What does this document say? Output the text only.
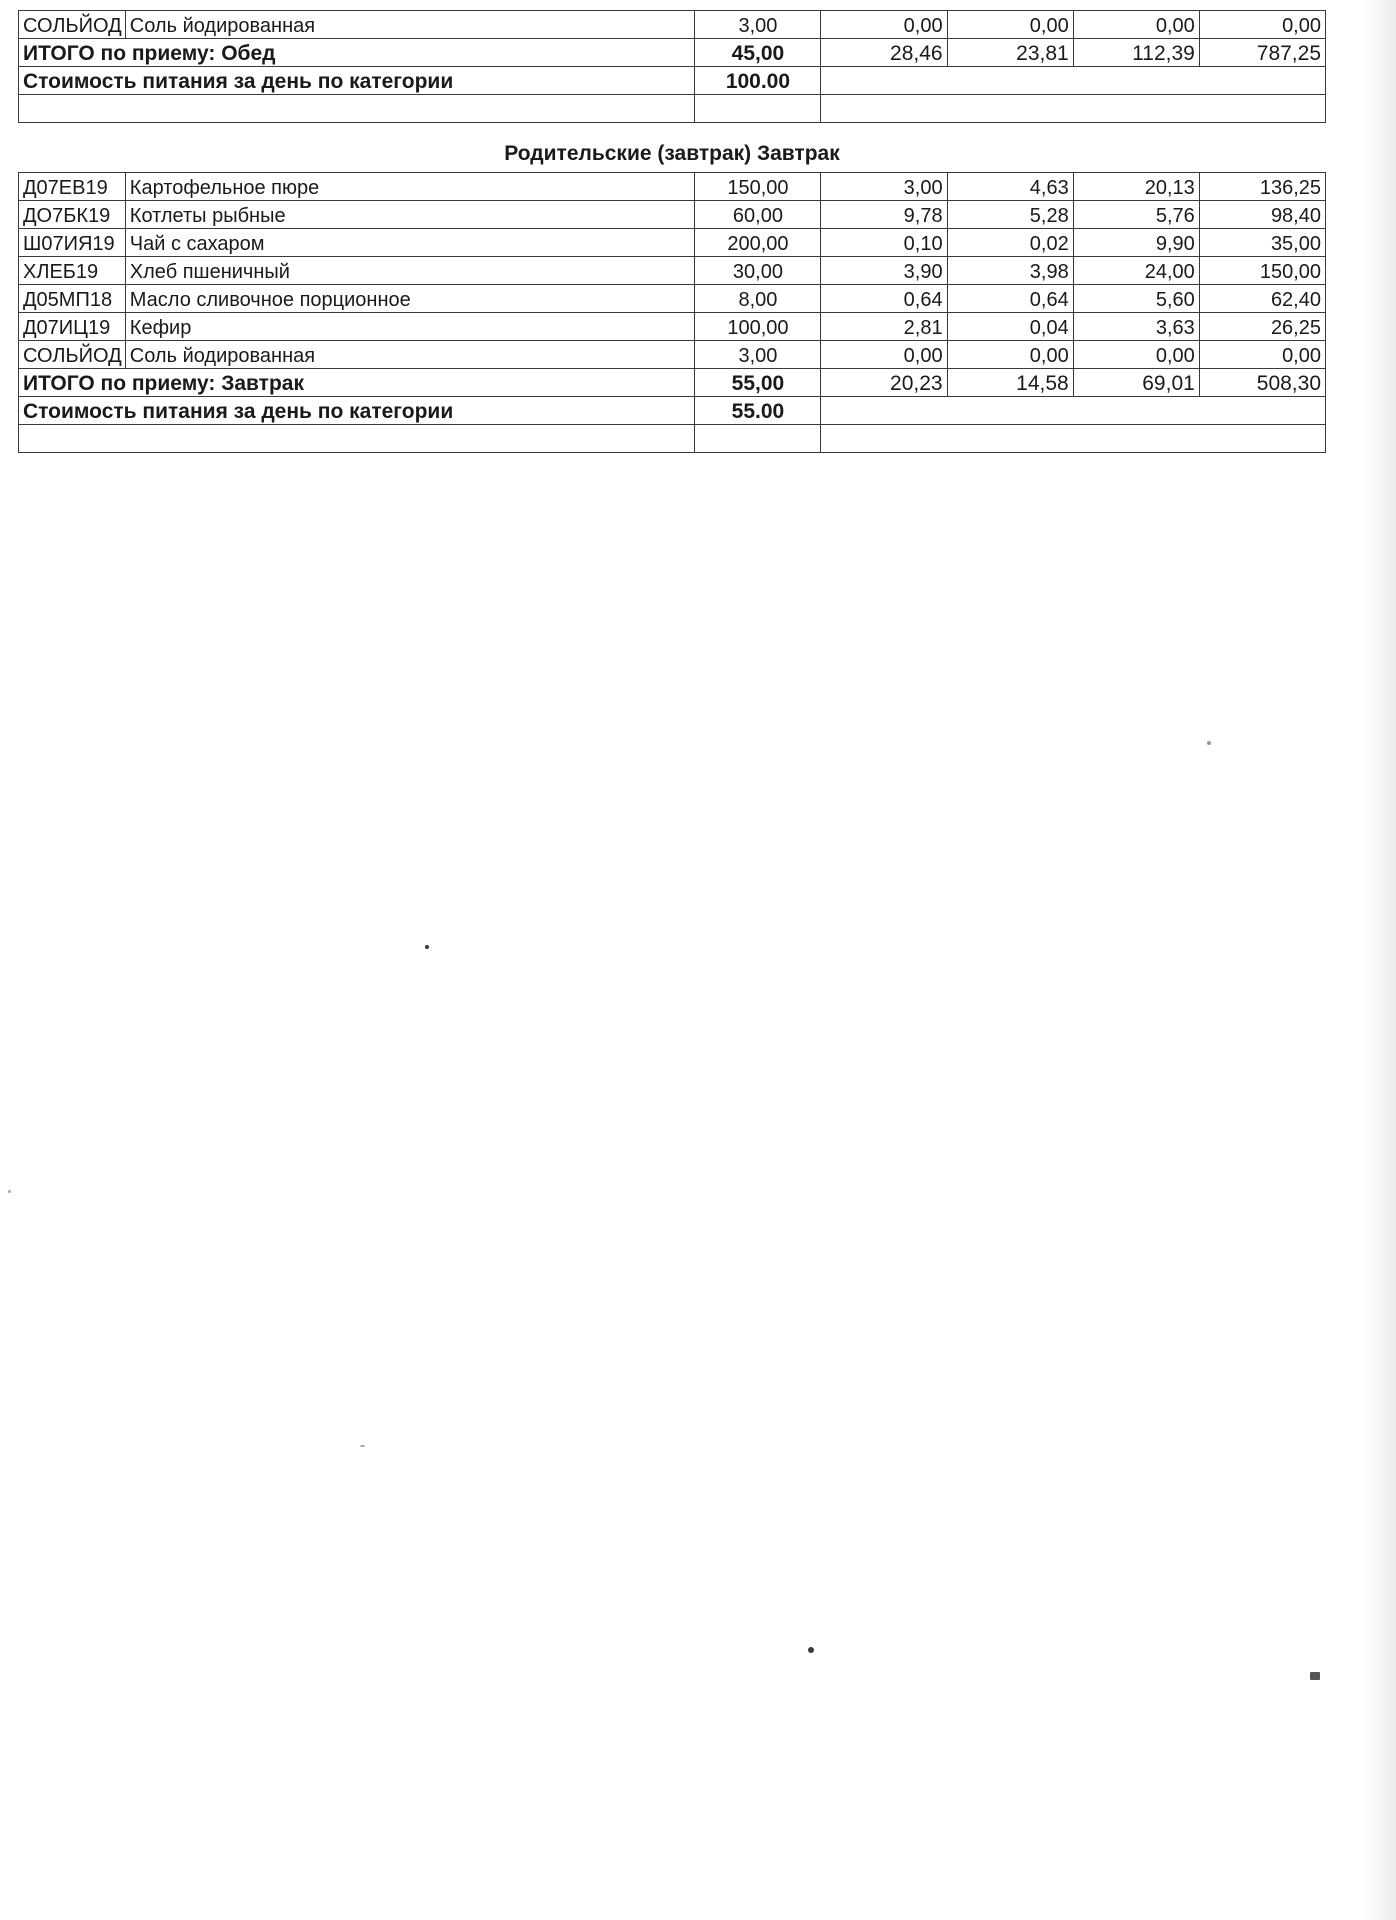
СОЛЬЙОД	Соль йодированная	3,00	0,00	0,00	0,00	0,00
ИТОГО по приему: Обед		45,00	28,46	23,81	112,39	787,25
Стоимость питания за день по категории		100.00				

Родительские (завтрак) Завтрак
Д07ЕВ19	Картофельное пюре	150,00	3,00	4,63	20,13	136,25
ДО7БК19	Котлеты рыбные	60,00	9,78	5,28	5,76	98,40
Ш07ИЯ19	Чай с сахаром	200,00	0,10	0,02	9,90	35,00
ХЛЕБ19	Хлеб пшеничный	30,00	3,90	3,98	24,00	150,00
Д05МП18	Масло сливочное порционное	8,00	0,64	0,64	5,60	62,40
Д07ИЦ19	Кефир	100,00	2,81	0,04	3,63	26,25
СОЛЬЙОД	Соль йодированная	3,00	0,00	0,00	0,00	0,00
ИТОГО по приему: Завтрак		55,00	20,23	14,58	69,01	508,30
Стоимость питания за день по категории		55.00				
